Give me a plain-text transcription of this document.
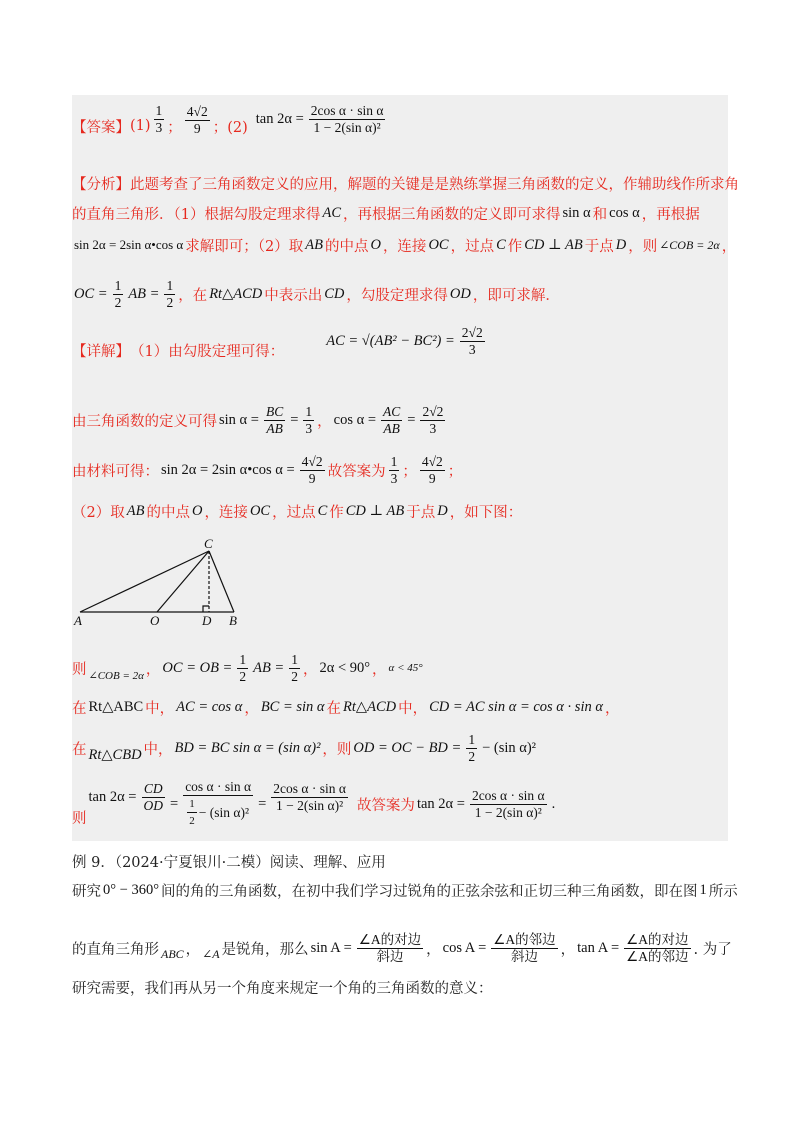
【答案】 $(1) \frac{1}{3}$ ； $\frac{4√2}{9}$ ；(2)
$\tan 2\alpha = \frac{\text{2cos α · sin α}}{\text{1 − 2(sin α)²}}$
【分析】 此题考查了三角函数定义的应用，解题的关键是是熟练掌握三角函数的定义，作辅助线作所求角
的直角三角形．（1）根据勾股定理求得 AC ，再根据三角函数的定义即可求得 sin α 和 cos α ，再根据
sin 2α = 2sin α•cos α 求解即可；（2）取 AB 的中点 O ，连接 OC ，过点 C 作 CD ⊥ AB 于点 D ，则 ∠COB = 2α ，
OC = $\frac{1}{2}$ AB = $\frac{1}{2}$ ，在 Rt△ACD 中表示出 CD ，勾股定理求得 OD ，即可求解．
【详解】 （1）由勾股定理可得：
AC = $√(AB^2 - BC^2) = \frac{2√2}{3}$
由三角函数的定义可得 $\sin \alpha = \frac{BC}{AB} = \frac{1}{3}$ ， $\cos \alpha = \frac{AC}{AB} = \frac{2√2}{3}$
由材料可得： sin 2α = 2sin α•cos $\alpha = \frac{4√2}{9}$ 故答案为 $\frac{1}{3}$ ； $\frac{4√2}{9}$ ；
（2）取 AB 的中点 O ，连接 OC ，过点 C 作 CD ⊥ AB 于点 D ，如下图：
A	O	D B
C
则 ∠COB = 2α ， OC = OB = $\frac{1}{2}$ AB = $\frac{1}{2}$ ， 2α < 90° ， α < 45°
在 Rt△ABC 中， AC = cos α ， BC = sin α 在 Rt△ACD 中， CD = AC sin α = cos α · sin α ，
在 Rt△CBD 中， BD = BC sin α = (sin α)² ，则 OD = OC − BD = $\frac{1}{2} - (\sin$ α)²
则
$\tan 2\alpha = \frac{CD}{OD} = \frac{\text{cos α · sin α}}{\frac{1}{2} - (\sin \alpha)^2} = \frac{\text{2cos α · sin α}}{\text{1 − 2(sin α)²}}$ 故答案为 $\tan 2\alpha = \frac{\text{2cos α · sin α}}{\text{1 − 2(sin α)²}}$ .
例 9．（2024·宁夏银川·二模）阅读、理解、应用
研究 0° − 360° 间的角的三角函数，在初中我们学习过锐角的正弦余弦和正切三种三角函数，即在图 1 所示
的直角三角形 ABC ， ∠A 是锐角，那么 $\sin A = \frac{\text{∠A的对边}}{\text{斜边}}$ ， $\cos A = \frac{\text{∠A的邻边}}{\text{斜边}}$ ， $\tan A = \frac{\text{∠A的对边}}{\text{∠A的邻边}}$ . 为了
研究需要，我们再从另一个角度来规定一个角的三角函数的意义：
